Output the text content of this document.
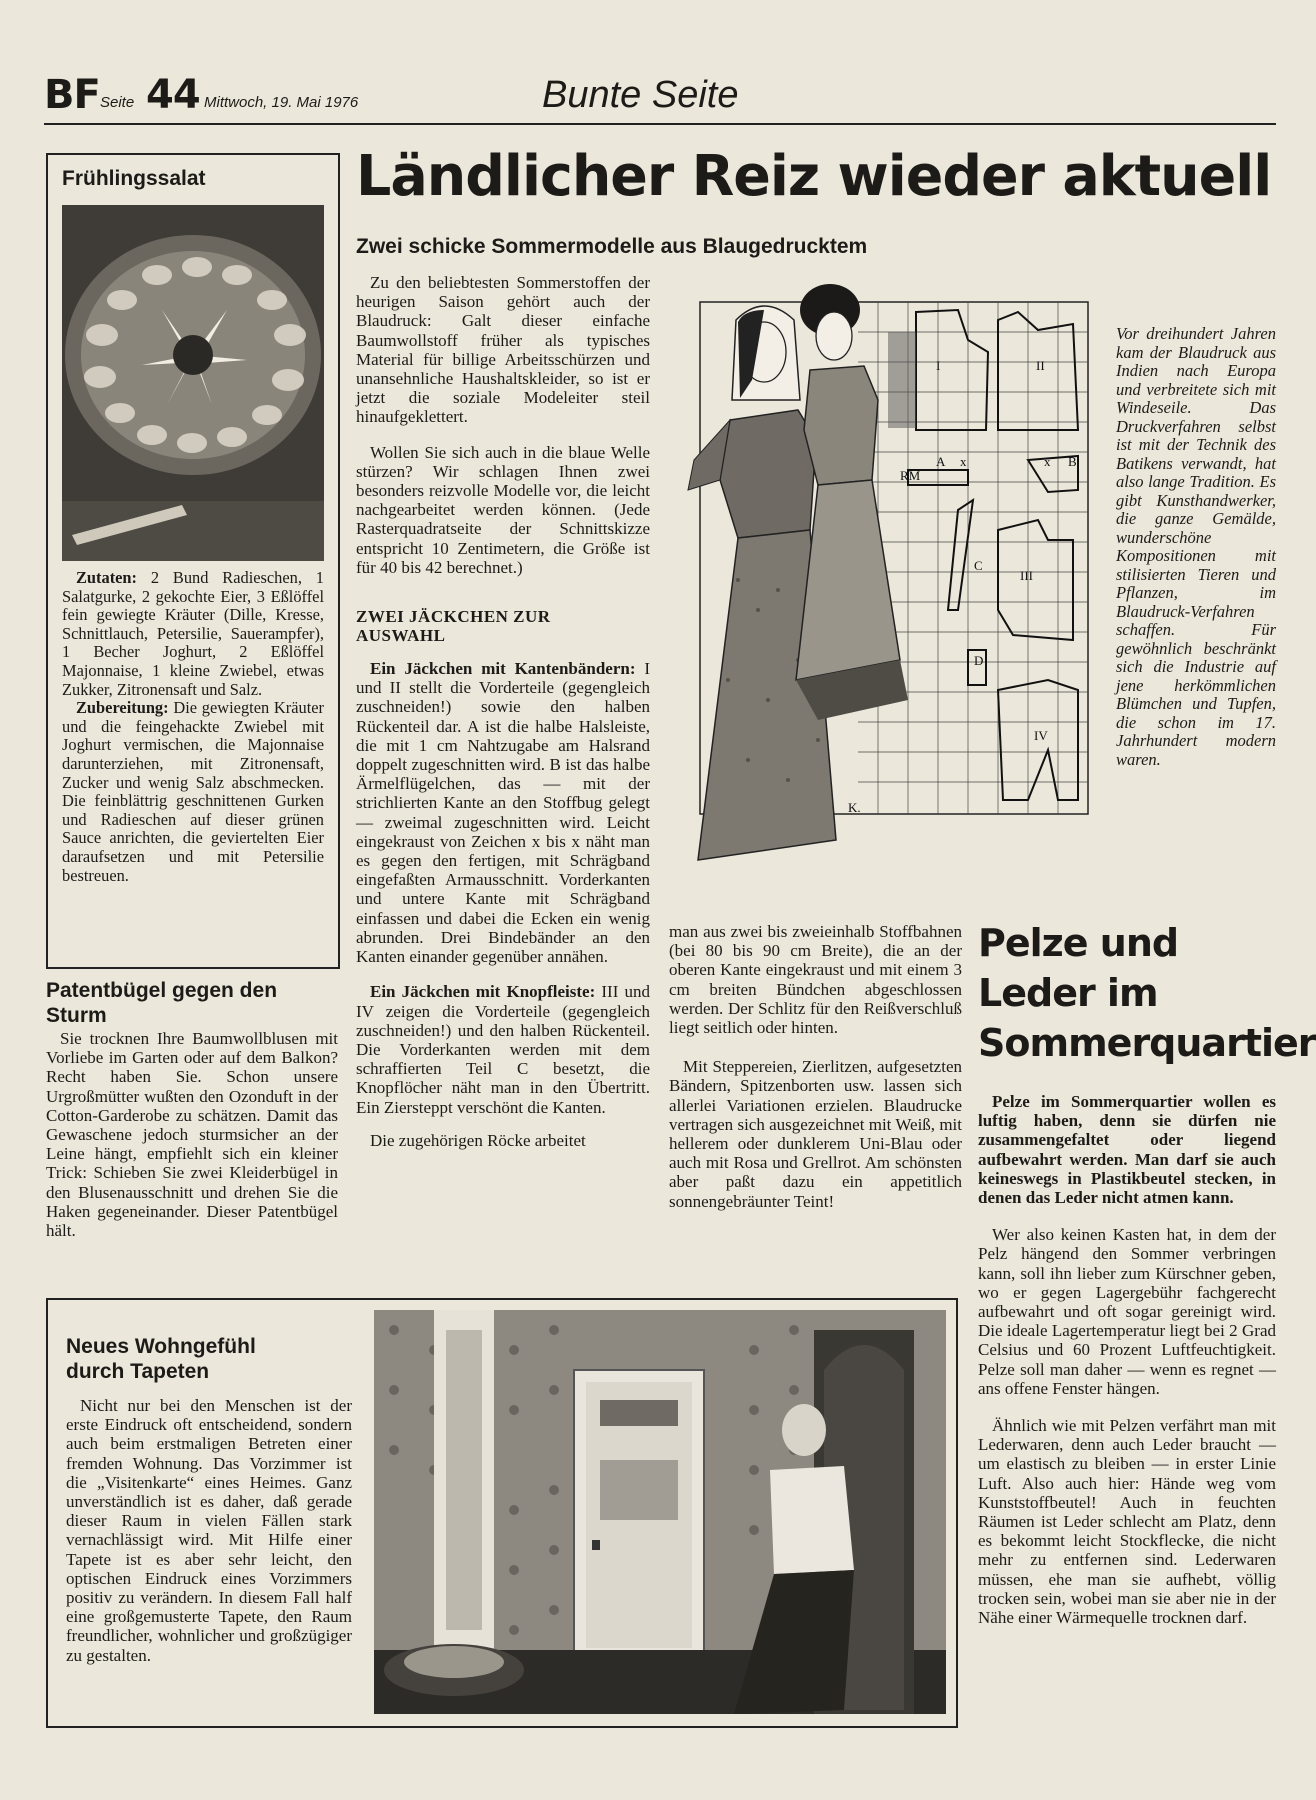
BF Seite 44 Mittwoch, 19. Mai 1976	Bunte Seite
Frühlingssalat

Zutaten: 2 Bund Radieschen, 1 Salatgurke, 2 gekochte Eier, 3 Eßlöffel fein gewiegte Kräuter (Dille, Kresse, Schnittlauch, Petersilie, Sauerampfer), 1 Becher Joghurt, 2 Eßlöffel Majonnaise, 1 kleine Zwiebel, etwas Zukker, Zitronensaft und Salz.

Zubereitung: Die gewiegten Kräuter und die feingehackte Zwiebel mit Joghurt vermischen, die Majonnaise darunterziehen, mit Zitronensaft, Zucker und wenig Salz abschmecken. Die feinblättrig geschnittenen Gurken und Radieschen auf dieser grünen Sauce anrichten, die geviertelten Eier daraufsetzen und mit Petersilie bestreuen.

Patentbügel gegen den Sturm

Sie trocknen Ihre Baumwollblusen mit Vorliebe im Garten oder auf dem Balkon? Recht haben Sie. Schon unsere Urgroßmütter wußten den Ozonduft in der Cotton-Garderobe zu schätzen. Damit das Gewaschene jedoch sturmsicher an der Leine hängt, empfiehlt sich ein kleiner Trick: Schieben Sie zwei Kleiderbügel in den Blusenausschnitt und drehen Sie die Haken gegeneinander. Dieser Patentbügel hält.

Ländlicher Reiz wieder aktuell
Zwei schicke Sommermodelle aus Blaugedrucktem

Zu den beliebtesten Sommerstoffen der heurigen Saison gehört auch der Blaudruck: Galt dieser einfache Baumwollstoff früher als typisches Material für billige Arbeitsschürzen und unansehnliche Haushaltskleider, so ist er jetzt die soziale Modeleiter steil hinaufgeklettert.

Wollen Sie sich auch in die blaue Welle stürzen? Wir schlagen Ihnen zwei besonders reizvolle Modelle vor, die leicht nachgearbeitet werden können. (Jede Rasterquadratseite der Schnittskizze entspricht 10 Zentimetern, die Größe ist für 40 bis 42 berechnet.)

ZWEI JÄCKCHEN ZUR AUSWAHL

Ein Jäckchen mit Kantenbändern: I und II stellt die Vorderteile (gegengleich zuschneiden!) sowie den halben Rückenteil dar. A ist die halbe Halsleiste, die mit 1 cm Nahtzugabe am Halsrand doppelt zugeschnitten wird. B ist das halbe Ärmelflügelchen, das — mit der strichlierten Kante an den Stoffbug gelegt — zweimal zugeschnitten wird. Leicht eingekraust von Zeichen x bis x näht man es gegen den fertigen, mit Schrägband eingefaßten Armausschnitt. Vorderkanten und untere Kante mit Schrägband einfassen und dabei die Ecken ein wenig abrunden. Drei Bindebänder an den Kanten einander gegenüber annähen.

Ein Jäckchen mit Knopfleiste: III und IV zeigen die Vorderteile (gegengleich zuschneiden!) und den halben Rückenteil. Die Vorderkanten werden mit dem schraffierten Teil C besetzt, die Knopflöcher näht man in den Übertritt. Ein Ziersteppt verschönt die Kanten.

Die zugehörigen Röcke arbeitet

man aus zwei bis zweieinhalb Stoffbahnen (bei 80 bis 90 cm Breite), die an der oberen Kante eingekraust und mit einem 3 cm breiten Bündchen abgeschlossen werden. Der Schlitz für den Reißverschluß liegt seitlich oder hinten.

Mit Steppereien, Zierlitzen, aufgesetzten Bändern, Spitzenborten usw. lassen sich allerlei Variationen erzielen. Blaudrucke vertragen sich ausgezeichnet mit Weiß, mit hellerem oder dunklerem Uni-Blau oder auch mit Rosa und Grellrot. Am schönsten aber paßt dazu ein appetitlich sonnengebräunter Teint!

I	II
III
IV
A	B
C
D
RM
x
x
K.
Vor dreihundert Jahren kam der Blaudruck aus Indien nach Europa und verbreitete sich mit Windeseile. Das Druckverfahren selbst ist mit der Technik des Batikens verwandt, hat also lange Tradition. Es gibt Kunsthandwerker, die ganze Gemälde, wunderschöne Kompositionen mit stilisierten Tieren und Pflanzen, im Blaudruck-Verfahren schaffen. Für gewöhnlich beschränkt sich die Industrie auf jene herkömmlichen Blümchen und Tupfen, die schon im 17. Jahrhundert modern waren.
Pelze und Leder im Sommerquartier

Pelze im Sommerquartier wollen es luftig haben, denn sie dürfen nie zusammengefaltet oder liegend aufbewahrt werden. Man darf sie auch keineswegs in Plastikbeutel stecken, in denen das Leder nicht atmen kann.

Wer also keinen Kasten hat, in dem der Pelz hängend den Sommer verbringen kann, soll ihn lieber zum Kürschner geben, wo er gegen Lagergebühr fachgerecht aufbewahrt und oft sogar gereinigt wird. Die ideale Lagertemperatur liegt bei 2 Grad Celsius und 60 Prozent Luftfeuchtigkeit. Pelze soll man daher — wenn es regnet — ans offene Fenster hängen.

Ähnlich wie mit Pelzen verfährt man mit Lederwaren, denn auch Leder braucht — um elastisch zu bleiben — in erster Linie Luft. Also auch hier: Hände weg vom Kunststoffbeutel! Auch in feuchten Räumen ist Leder schlecht am Platz, denn es bekommt leicht Stockflecke, die nicht mehr zu entfernen sind. Lederwaren müssen, ehe man sie aufhebt, völlig trocken sein, wobei man sie aber nie in der Nähe einer Wärmequelle trocknen darf.

Neues Wohngefühl durch Tapeten

Nicht nur bei den Menschen ist der erste Eindruck oft entscheidend, sondern auch beim erstmaligen Betreten einer fremden Wohnung. Das Vorzimmer ist die „Visitenkarte“ eines Heimes. Ganz unverständlich ist es daher, daß gerade dieser Raum in vielen Fällen stark vernachlässigt wird. Mit Hilfe einer Tapete ist es aber sehr leicht, den optischen Eindruck eines Vorzimmers positiv zu verändern. In diesem Fall half eine großgemusterte Tapete, den Raum freundlicher, wohnlicher und großzügiger zu gestalten.
